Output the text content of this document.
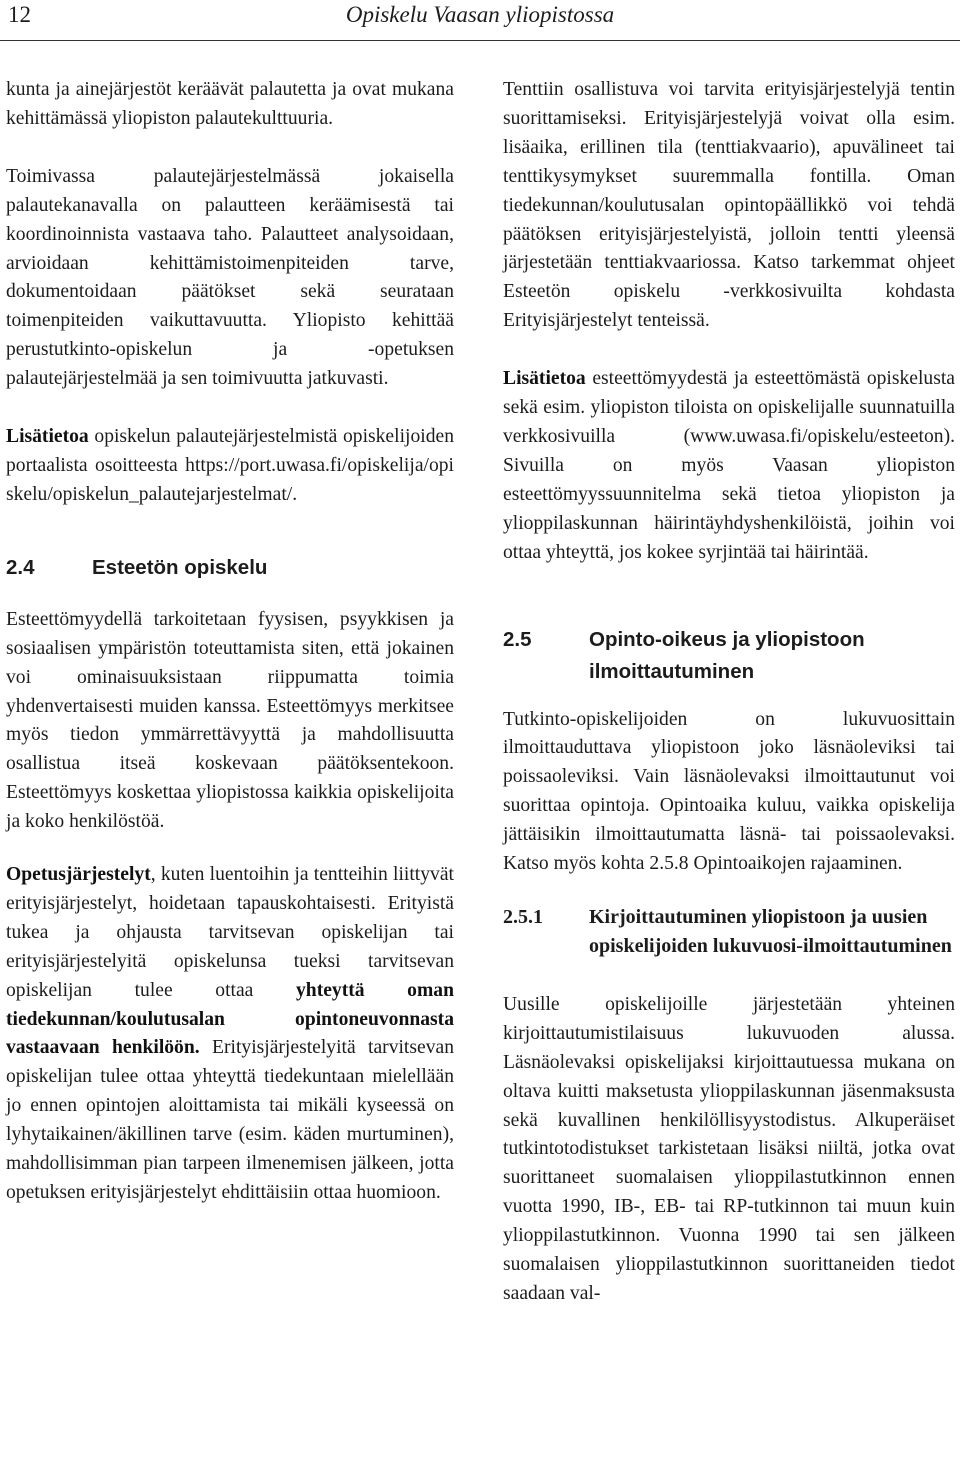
12	Opiskelu Vaasan yliopistossa

kunta ja ainejärjestöt keräävät palautetta ja ovat mukana kehittämässä yliopiston palautekulttuuria.

Toimivassa palautejärjestelmässä jokaisella palautekanavalla on palautteen keräämisestä tai koordinoinnista vastaava taho. Palautteet analysoidaan, arvioidaan kehittämistoimenpiteiden tarve, dokumentoidaan päätökset sekä seurataan toimenpiteiden vaikuttavuutta. Yliopisto kehittää perustutkinto-opiskelun ja -opetuksen palautejärjestelmää ja sen toimivuutta jatkuvasti.

Lisätietoa opiskelun palautejärjestelmistä opiskelijoiden portaalista osoitteesta https://port.uwasa.fi/opiskelija/opiskelu/opiskelun_palautejarjestelmat/.

2.4	Esteetön opiskelu

Esteettömyydellä tarkoitetaan fyysisen, psyykkisen ja sosiaalisen ympäristön toteuttamista siten, että jokainen voi ominaisuuksistaan riippumatta toimia yhdenvertaisesti muiden kanssa. Esteettömyys merkitsee myös tiedon ymmärrettävyyttä ja mahdollisuutta osallistua itseä koskevaan päätöksentekoon. Esteettömyys koskettaa yliopistossa kaikkia opiskelijoita ja koko henkilöstöä.

Opetusjärjestelyt, kuten luentoihin ja tentteihin liittyvät erityisjärjestelyt, hoidetaan tapauskohtaisesti. Erityistä tukea ja ohjausta tarvitsevan opiskelijan tai erityisjärjestelyitä opiskelunsa tueksi tarvitsevan opiskelijan tulee ottaa yhteyttä oman tiedekunnan/koulutusalan opintoneuvonnasta vastaavaan henkilöön. Erityisjärjestelyitä tarvitsevan opiskelijan tulee ottaa yhteyttä tiedekuntaan mielellään jo ennen opintojen aloittamista tai mikäli kyseessä on lyhytaikainen/äkillinen tarve (esim. käden murtuminen), mahdollisimman pian tarpeen ilmenemisen jälkeen, jotta opetuksen erityisjärjestelyt ehdittäisiin ottaa huomioon.

Tenttiin osallistuva voi tarvita erityisjärjestelyjä tentin suorittamiseksi. Erityisjärjestelyjä voivat olla esim. lisäaika, erillinen tila (tenttiakvaario), apuvälineet tai tenttikysymykset suuremmalla fontilla. Oman tiedekunnan/koulutusalan opintopäällikkö voi tehdä päätöksen erityisjärjestelyistä, jolloin tentti yleensä järjestetään tenttiakvaariossa. Katso tarkemmat ohjeet Esteetön opiskelu -verkkosivuilta kohdasta Erityisjärjestelyt tenteissä.

Lisätietoa esteettömyydestä ja esteettömästä opiskelusta sekä esim. yliopiston tiloista on opiskelijalle suunnatuilla verkkosivuilla (www.uwasa.fi/opiskelu/esteeton). Sivuilla on myös Vaasan yliopiston esteettömyyssuunnitelma sekä tietoa yliopiston ja ylioppilaskunnan häirintäyhdyshenkilöistä, joihin voi ottaa yhteyttä, jos kokee syrjintää tai häirintää.

2.5	Opinto-oikeus ja yliopistoon ilmoittautuminen

Tutkinto-opiskelijoiden on lukuvuosittain ilmoittauduttava yliopistoon joko läsnäoleviksi tai poissaoleviksi. Vain läsnäolevaksi ilmoittautunut voi suorittaa opintoja. Opintoaika kuluu, vaikka opiskelija jättäisikin ilmoittautumatta läsnä- tai poissaolevaksi. Katso myös kohta 2.5.8 Opintoaikojen rajaaminen.

2.5.1	Kirjoittautuminen yliopistoon ja uusien opiskelijoiden lukuvuosi-ilmoittautuminen

Uusille opiskelijoille järjestetään yhteinen kirjoittautumistilaisuus lukuvuoden alussa. Läsnäolevaksi opiskelijaksi kirjoittautuessa mukana on oltava kuitti maksetusta ylioppilaskunnan jäsenmaksusta sekä kuvallinen henkilöllisyystodistus. Alkuperäiset tutkintotodistukset tarkistetaan lisäksi niiltä, jotka ovat suorittaneet suomalaisen ylioppilastutkinnon ennen vuotta 1990, IB-, EB- tai RP-tutkinnon tai muun kuin ylioppilastutkinnon. Vuonna 1990 tai sen jälkeen suomalaisen ylioppilastutkinnon suorittaneiden tiedot saadaan val-
